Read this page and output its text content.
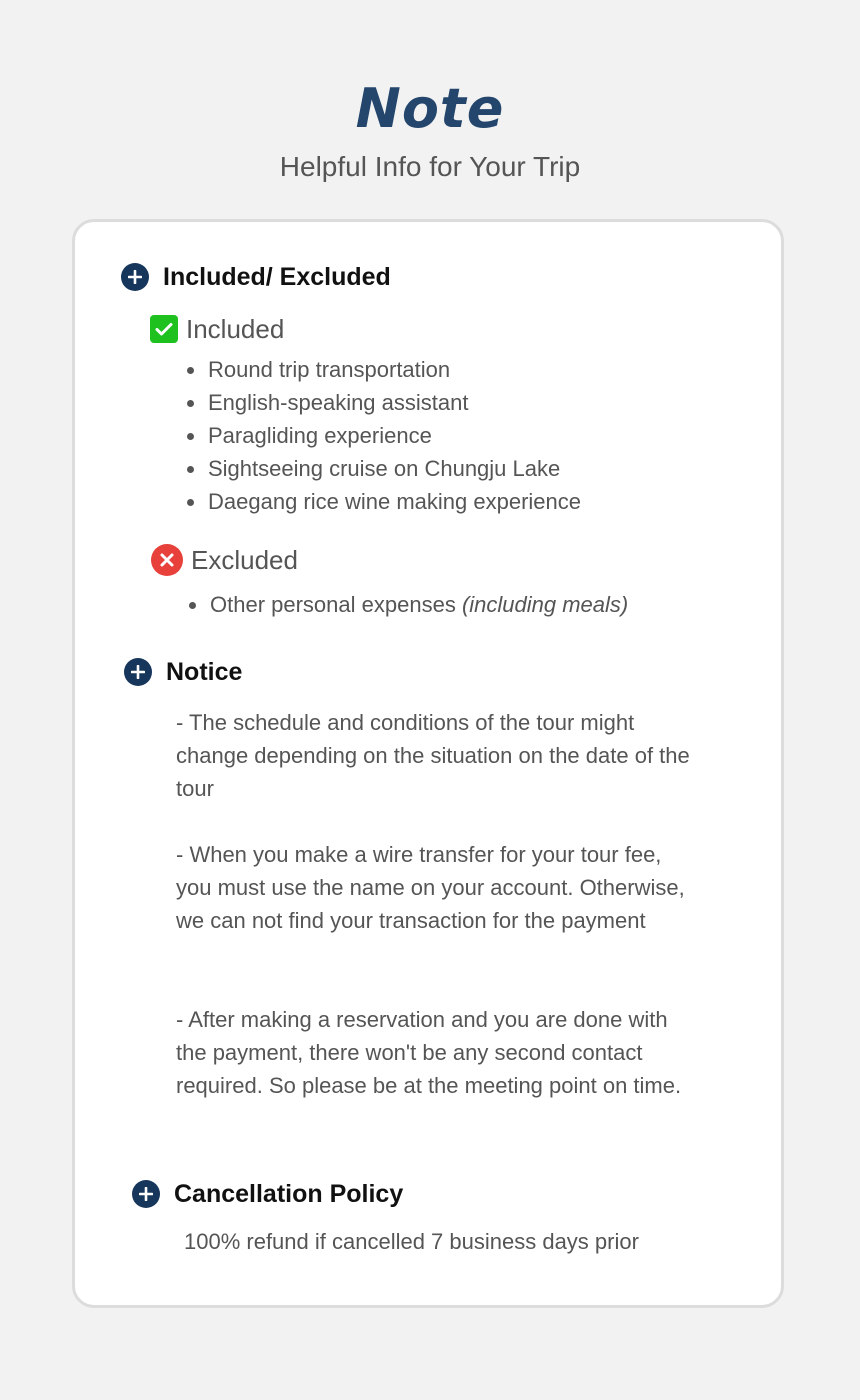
Note
Helpful Info for Your Trip
Included/ Excluded
Included
Round trip transportation
English-speaking assistant
Paragliding experience
Sightseeing cruise on Chungju Lake
Daegang rice wine making experience
Excluded
Other personal expenses (including meals)
Notice

- The schedule and conditions of the tour might change depending on the situation on the date of the tour

- When you make a wire transfer for your tour fee, you must use the name on your account. Otherwise, we can not find your transaction for the payment

- After making a reservation and you are done with the payment, there won't be any second contact required. So please be at the meeting point on time.

Cancellation Policy

100% refund if cancelled 7 business days prior
